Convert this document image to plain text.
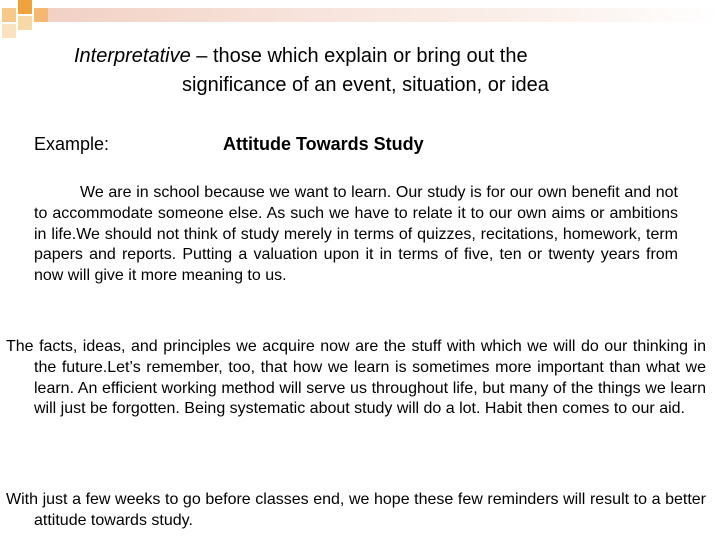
Interpretative – those which explain or bring out the
significance of an event, situation, or idea
Example:	Attitude Towards Study

We are in school because we want to learn. Our study is for our own benefit and not to accommodate someone else. As such we have to relate it to our own aims or ambitions in life.We should not think of study merely in terms of quizzes, recitations, homework, term papers and reports. Putting a valuation upon it in terms of five, ten or twenty years from now will give it more meaning to us.

The facts, ideas, and principles we acquire now are the stuff with which we will do our thinking in the future.Let’s remember, too, that how we learn is sometimes more important than what we learn. An efficient working method will serve us throughout life, but many of the things we learn will just be forgotten. Being systematic about study will do a lot. Habit then comes to our aid.

With just a few weeks to go before classes end, we hope these few reminders will result to a better attitude towards study.
